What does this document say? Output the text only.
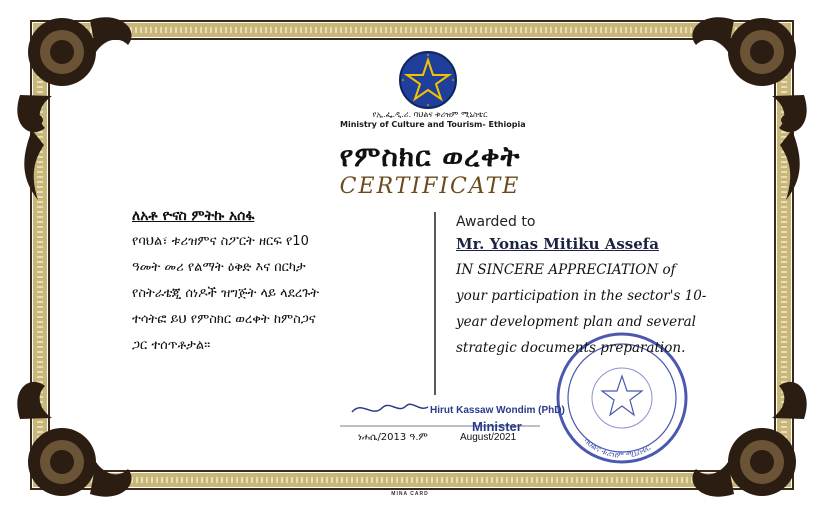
ባህልና ቱሪዝም ሚኒስቴር
የኢ.ፌ.ዲ.ሪ. ባህልና ቱሪዝም ሚኒስቴር
Ministry of Culture and Tourism- Ethiopia
የምስክር ወረቀት
CERTIFICATE
ለአቶ ዮናስ ምትኩ አሰፋ
የባህል፣ ቱሪዝምና ስፖርት ዘርፍ የ10
ዓመት መሪ የልማት ዕቅድ እና በርካታ
የስትራቴጂ ሰነዶች ዝግጅት ላይ ላደረጉት
ተሳትፎ ይህ የምስክር ወረቀት ከምስጋና
ጋር ተሰጥቶታል።
Awarded to
Mr. Yonas Mitiku Assefa
IN SINCERE APPRECIATION of
your participation in the sector's 10-
year development plan and several
strategic documents preparation.
Hirut Kassaw Wondim (PhD)
Minister
ነሐሴ/2013 ዓ.ም	August/2021
MINA CARD
